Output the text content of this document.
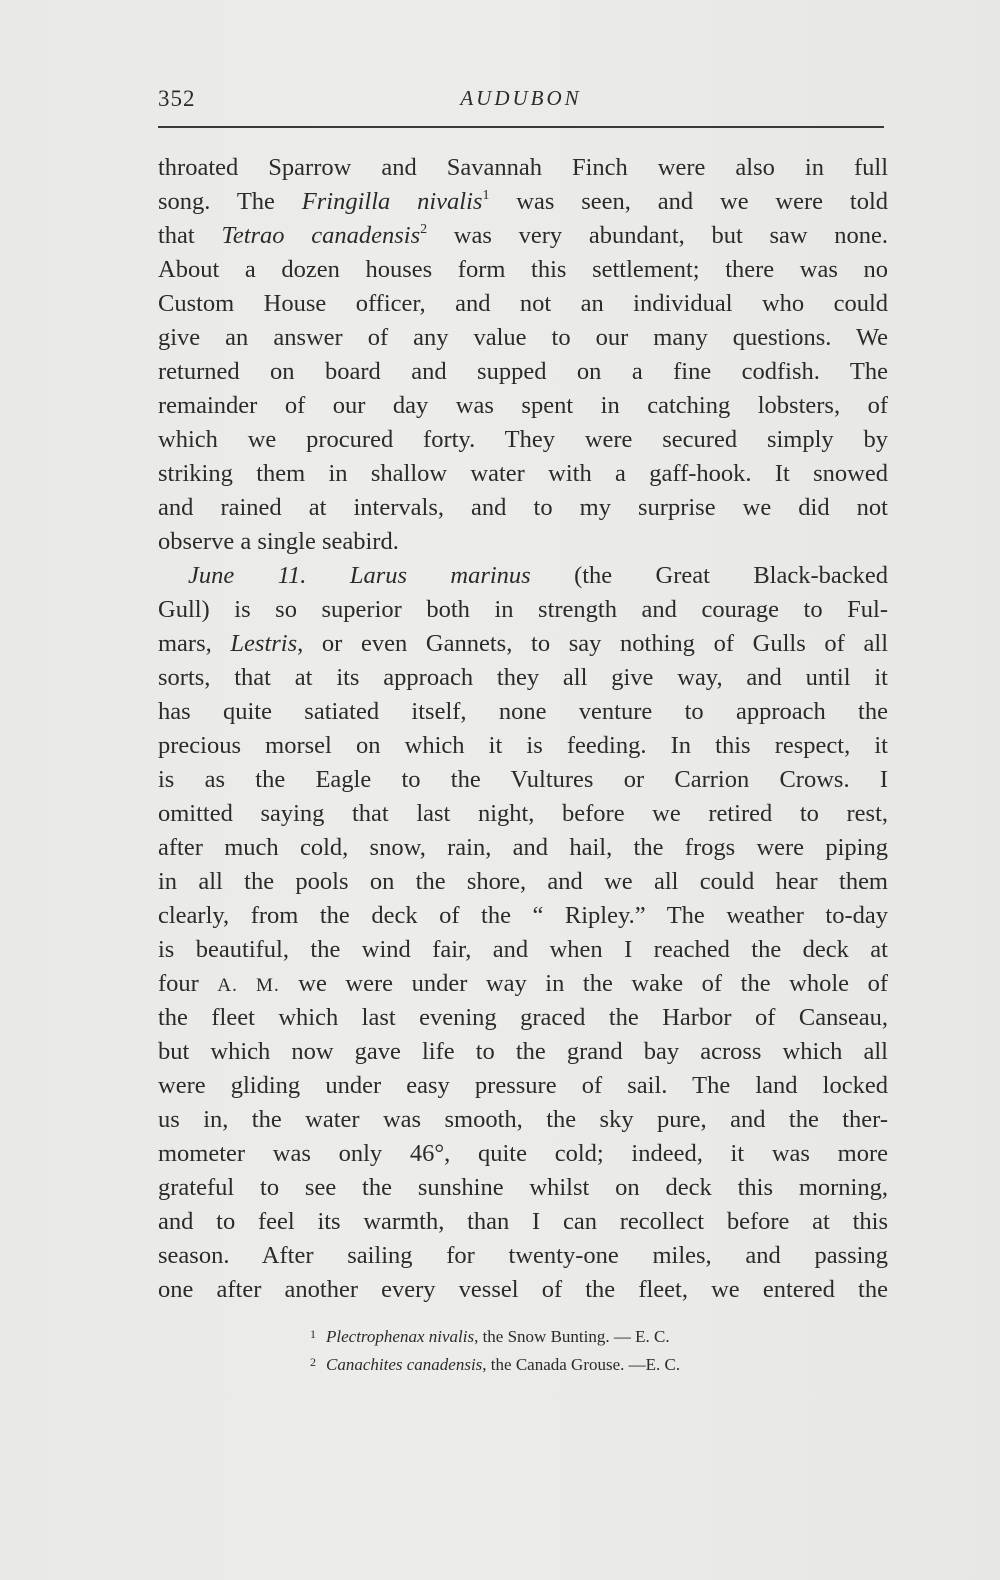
352	AUDUBON
throated Sparrow and Savannah Finch were also in full
song. The Fringilla nivalis$^1$ was seen, and we were told
that Tetrao canadensis$^2$ was very abundant, but saw none.
About a dozen houses form this settlement; there was no
Custom House officer, and not an individual who could
give an answer of any value to our many questions. We
returned on board and supped on a fine codfish. The
remainder of our day was spent in catching lobsters, of
which we procured forty. They were secured simply by
striking them in shallow water with a gaff-hook. It snowed
and rained at intervals, and to my surprise we did not
observe a single seabird.
June 11. Larus marinus (the Great Black-backed
Gull) is so superior both in strength and courage to Ful-
mars, Lestris, or even Gannets, to say nothing of Gulls of all
sorts, that at its approach they all give way, and until it
has quite satiated itself, none venture to approach the
precious morsel on which it is feeding. In this respect, it
is as the Eagle to the Vultures or Carrion Crows. I
omitted saying that last night, before we retired to rest,
after much cold, snow, rain, and hail, the frogs were piping
in all the pools on the shore, and we all could hear them
clearly, from the deck of the “ Ripley.” The weather to-day
is beautiful, the wind fair, and when I reached the deck at
four A. M. we were under way in the wake of the whole of
the fleet which last evening graced the Harbor of Canseau,
but which now gave life to the grand bay across which all
were gliding under easy pressure of sail. The land locked
us in, the water was smooth, the sky pure, and the ther-
mometer was only 46°, quite cold; indeed, it was more
grateful to see the sunshine whilst on deck this morning,
and to feel its warmth, than I can recollect before at this
season. After sailing for twenty-one miles, and passing
one after another every vessel of the fleet, we entered the
$^1$ Plectrophenax nivalis, the Snow Bunting. — E. C.
$^2$ Canachites canadensis, the Canada Grouse. —E. C.
